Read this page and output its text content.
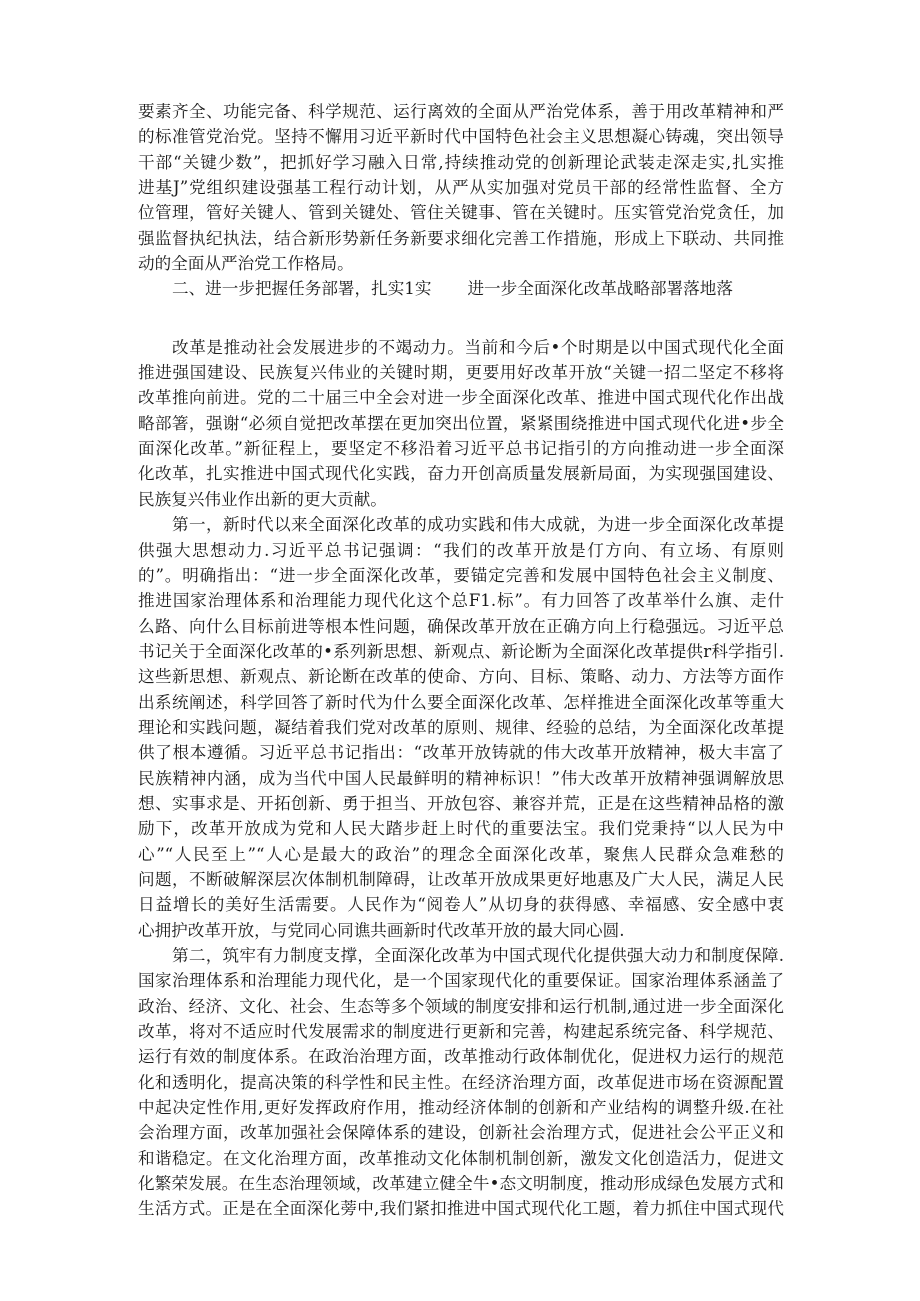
要素齐全、功能完备、科学规范、运行离效的全面从严治党体系，善于用改革精神和严
的标准管党治党。坚持不懈用习近平新时代中国特色社会主义思想凝心铸魂，突出领导
干部“关键少数”，把抓好学习融入日常,持续推动党的创新理论武装走深走实,扎实推
进基J”党组织建设强基工程行动计划，从严从实加强对党员干部的经常性监督、全方
位管理，管好关键人、管到关键处、管住关键事、管在关键时。压实管党治党贪任，加
强监督执纪执法，结合新形势新任务新要求细化完善工作措施，形成上下联动、共同推
动的全面从严治党工作格局。
二、进一步把握任务部署，扎实1实 进一步全面深化改革战略部署落地落
改革是推动社会发展进步的不竭动力。当前和今后•个时期是以中国式现代化全面
推进强国建设、民族复兴伟业的关键时期，更要用好改革开放“关键一招二坚定不移将
改革推向前进。党的二十届三中全会对进一步全面深化改革、推进中国式现代化作出战
略部箸，强谢“必须自觉把改革摆在更加突出位置，紧紧围绕推进中国式现代化进•步全
面深化改革。”新征程上，要坚定不移沿着习近平总书记指引的方向推动进一步全面深
化改革，扎实推进中国式现代化实践，奋力开创高质量发展新局面，为实现强国建设、
民族复兴伟业作出新的更大贡献。
第一，新时代以来全面深化改革的成功实践和伟大成就，为进一步全面深化改革提
供强大思想动力.习近平总书记强调：“我们的改革开放是仃方向、有立场、有原则
的”。明确指出：“进一步全面深化改革，要锚定完善和发展中国特色社会主义制度、
推进国家治理体系和治理能力现代化这个总F1.标”。有力回答了改革举什么旗、走什
么路、向什么目标前进等根本性问题，确保改革开放在正确方向上行稳强远。习近平总
书记关于全面深化改革的•系列新思想、新观点、新论断为全面深化改革提供r科学指引.
这些新思想、新观点、新论断在改革的使命、方向、目标、策略、动力、方法等方面作
出系统阐述，科学回答了新时代为什么要全面深化改革、怎样推进全面深化改革等重大
理论和实践问题，凝结着我们党对改革的原则、规律、经验的总结，为全面深化改革提
供了根本遵循。习近平总书记指出：“改革开放铸就的伟大改革开放精神，极大丰富了
民族精神内涵，成为当代中国人民最鲜明的精神标识！”伟大改革开放精神强调解放思
想、实事求是、开拓创新、勇于担当、开放包容、兼容并荒，正是在这些精神品格的激
励下，改革开放成为党和人民大踏步赶上时代的重要法宝。我们党秉持“以人民为中
心”“人民至上”“人心是最大的政治”的理念全面深化改革，聚焦人民群众急难愁的
问题，不断破解深层次体制机制障碍，让改革开放成果更好地惠及广大人民，满足人民
日益增长的美好生活需要。人民作为“阅卷人”从切身的获得感、幸福感、安全感中衷
心拥护改革开放，与党同心同谯共画新时代改革开放的最大同心圆.
第二，筑牢有力制度支撑，全面深化改革为中国式现代化提供强大动力和制度保障.
国家治理体系和治理能力现代化，是一个国家现代化的重要保证。国家治理体系涵盖了
政治、经济、文化、社会、生态等多个领域的制度安排和运行机制,通过进一步全面深化
改革，将对不适应时代发展需求的制度进行更新和完善，构建起系统完备、科学规范、
运行有效的制度体系。在政治治理方面，改革推动行政体制优化，促进权力运行的规范
化和透明化，提高决策的科学性和民主性。在经济治理方面，改革促进市场在资源配置
中起决定性作用,更好发挥政府作用，推动经济体制的创新和产业结构的调整升级.在社
会治理方面，改革加强社会保障体系的建设，创新社会治理方式，促进社会公平正义和
和谐稳定。在文化治理方面，改革推动文化体制机制创新，激发文化创造活力，促进文
化繁荣发展。在生态治理领域，改革建立健全牛•态文明制度，推动形成绿色发展方式和
生活方式。正是在全面深化蒡中,我们紧扣推进中国式现代化工题，着力抓住中国式现代
